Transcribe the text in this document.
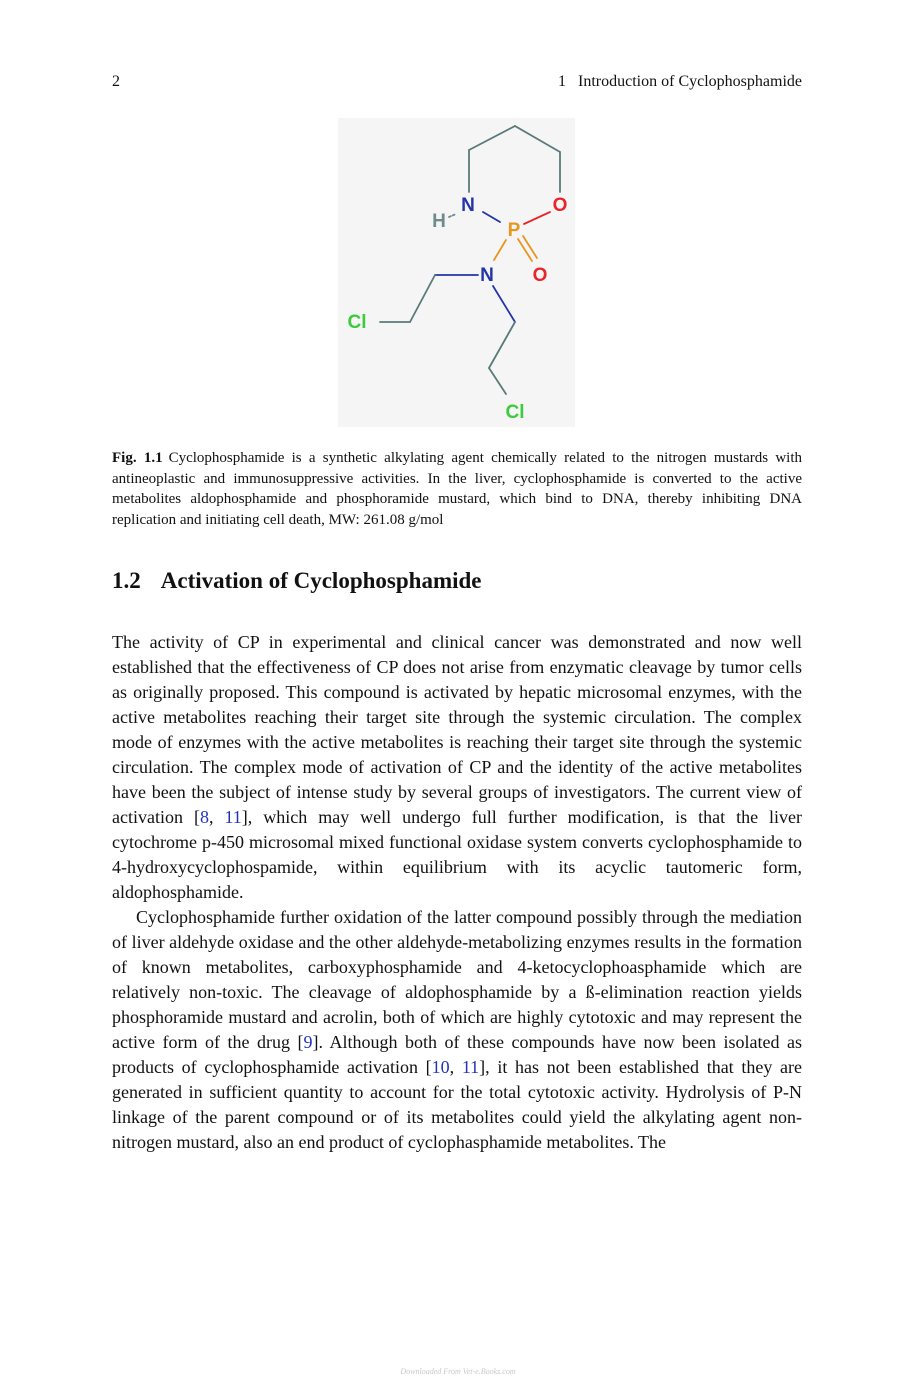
2	1 Introduction of Cyclophosphamide
N
H
O
P
O
N
Cl
Cl
Fig. 1.1 Cyclophosphamide is a synthetic alkylating agent chemically related to the nitrogen mustards with antineoplastic and immunosuppressive activities. In the liver, cyclophosphamide is converted to the active metabolites aldophosphamide and phosphoramide mustard, which bind to DNA, thereby inhibiting DNA replication and initiating cell death, MW: 261.08 g/mol
1.2 Activation of Cyclophosphamide

The activity of CP in experimental and clinical cancer was demonstrated and now well established that the effectiveness of CP does not arise from enzymatic cleavage by tumor cells as originally proposed. This compound is activated by hepatic microsomal enzymes, with the active metabolites reaching their target site through the systemic circulation. The complex mode of enzymes with the active metabolites is reaching their target site through the systemic circulation. The complex mode of activation of CP and the identity of the active metabolites have been the subject of intense study by several groups of investigators. The current view of activation [8, 11], which may well undergo full further modification, is that the liver cytochrome p-450 microsomal mixed functional oxidase system converts cyclophosphamide to 4-hydroxycyclophospamide, within equilibrium with its acyclic tautomeric form, aldophosphamide.

Cyclophosphamide further oxidation of the latter compound possibly through the mediation of liver aldehyde oxidase and the other aldehyde-metabolizing enzymes results in the formation of known metabolites, carboxyphosphamide and 4-ketocyclophoasphamide which are relatively non-toxic. The cleavage of aldophosphamide by a ß-elimination reaction yields phosphoramide mustard and acrolin, both of which are highly cytotoxic and may represent the active form of the drug [9]. Although both of these compounds have now been isolated as products of cyclophosphamide activation [10, 11], it has not been established that they are generated in sufficient quantity to account for the total cytotoxic activity. Hydrolysis of P-N linkage of the parent compound or of its metabolites could yield the alkylating agent non-nitrogen mustard, also an end product of cyclophasphamide metabolites. The

Downloaded From Vet-e.Books.com
